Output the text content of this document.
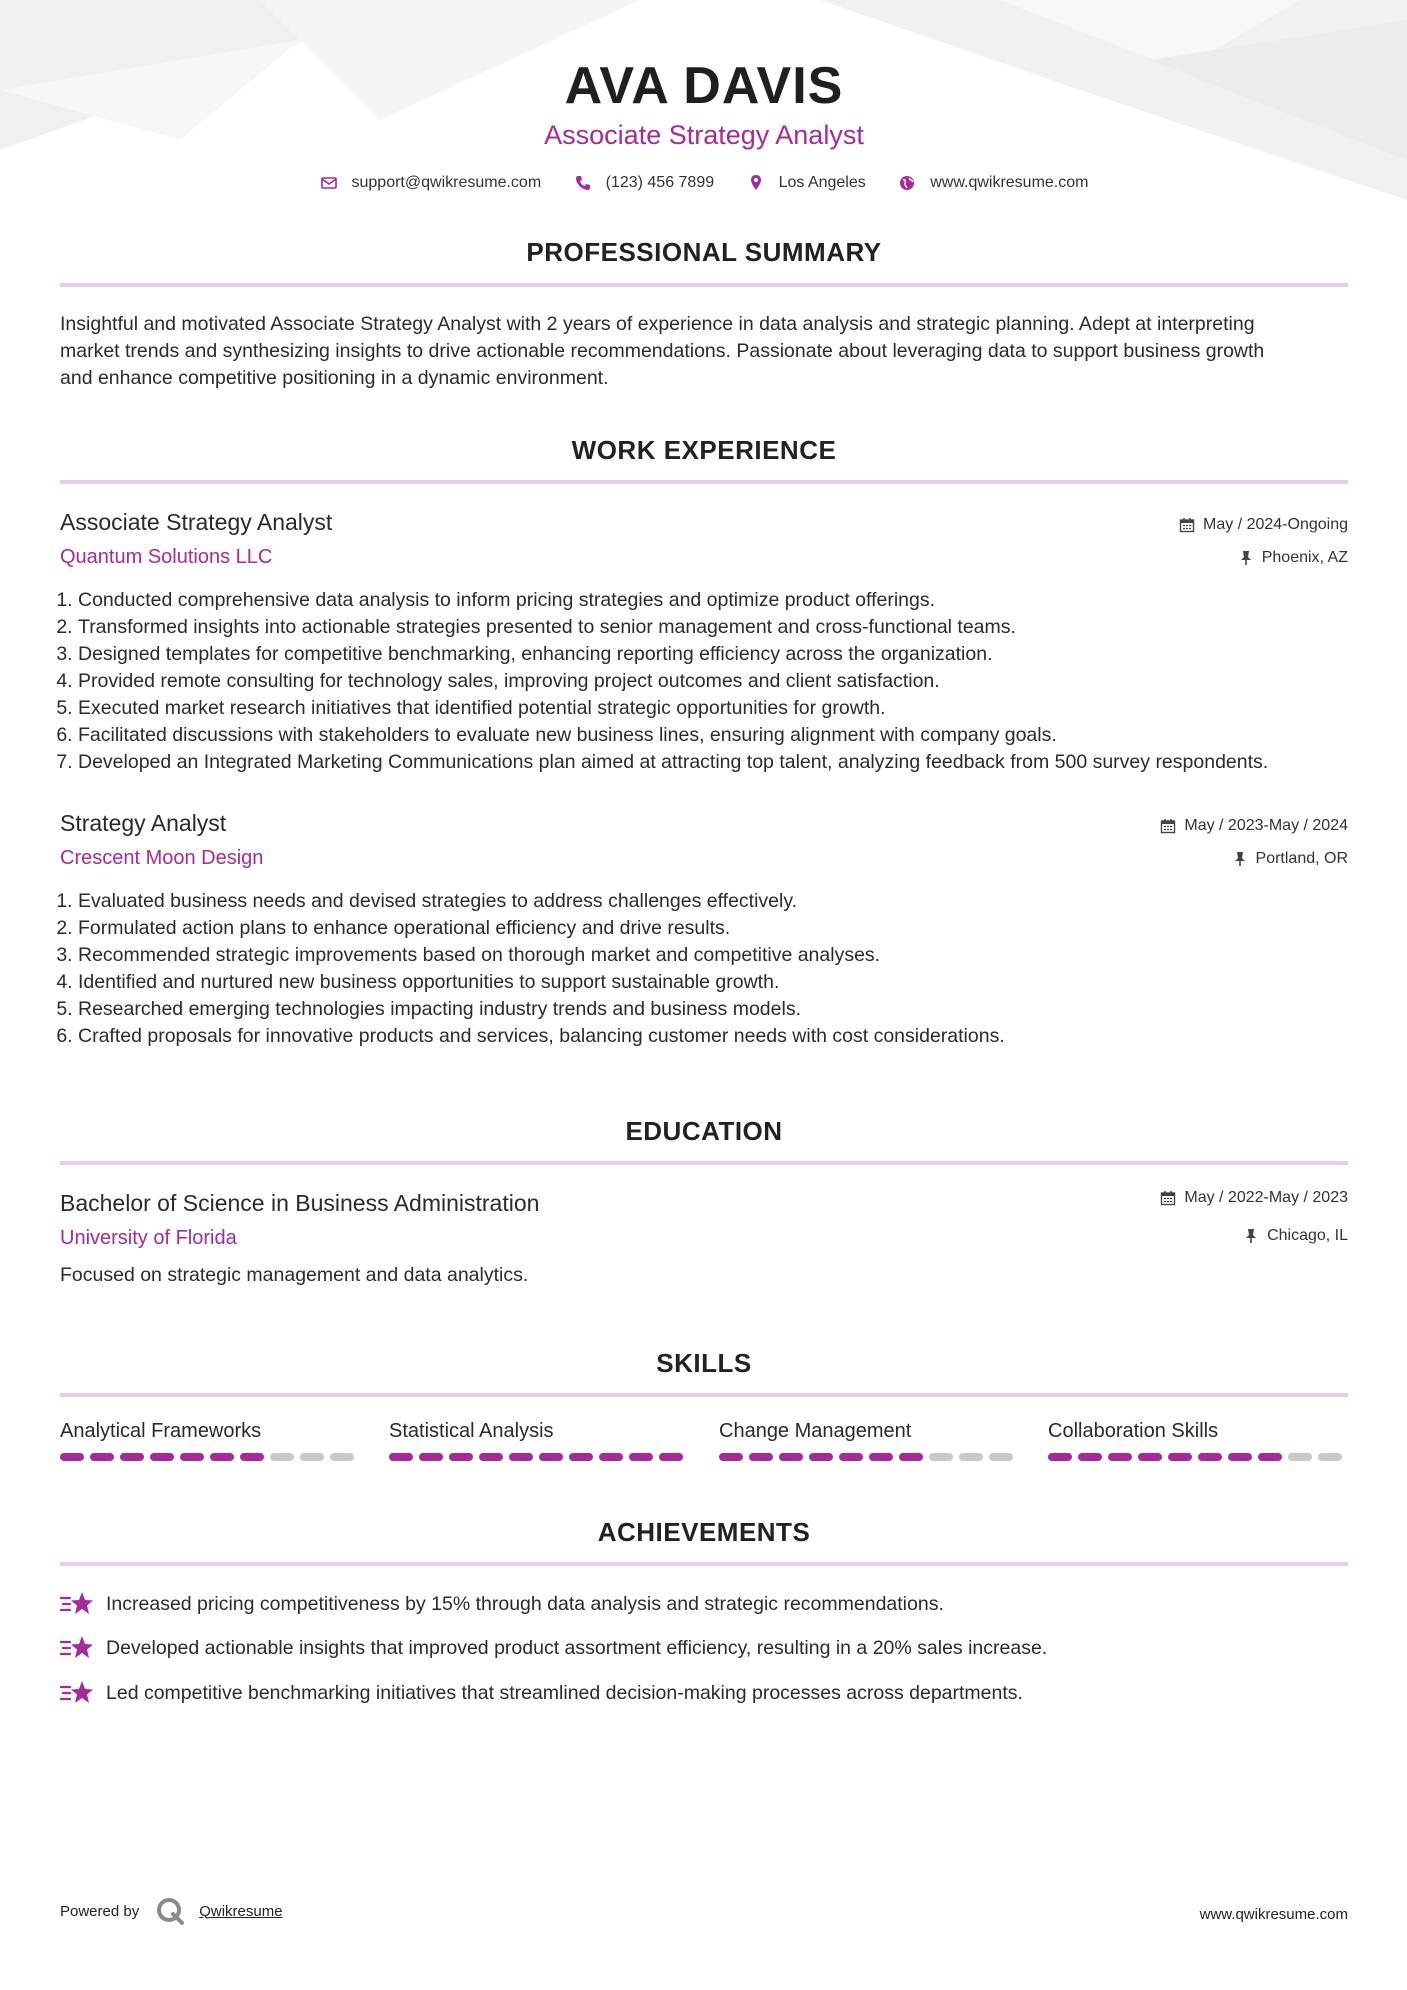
AVA DAVIS
Associate Strategy Analyst
support@qwikresume.com
	(123) 456 7899
	Los Angeles
	www.qwikresume.com
PROFESSIONAL SUMMARY
Insightful and motivated Associate Strategy Analyst with 2 years of experience in data analysis and strategic planning. Adept at interpreting
market trends and synthesizing insights to drive actionable recommendations. Passionate about leveraging data to support business growth
and enhance competitive positioning in a dynamic environment.
WORK EXPERIENCE
Associate Strategy Analyst
Quantum Solutions LLC
May / 2024-Ongoing
Phoenix, AZ
1. Conducted comprehensive data analysis to inform pricing strategies and optimize product offerings.
2. Transformed insights into actionable strategies presented to senior management and cross-functional teams.
3. Designed templates for competitive benchmarking, enhancing reporting efficiency across the organization.
4. Provided remote consulting for technology sales, improving project outcomes and client satisfaction.
5. Executed market research initiatives that identified potential strategic opportunities for growth.
6. Facilitated discussions with stakeholders to evaluate new business lines, ensuring alignment with company goals.
7. Developed an Integrated Marketing Communications plan aimed at attracting top talent, analyzing feedback from 500 survey respondents.
Strategy Analyst
Crescent Moon Design
May / 2023-May / 2024
Portland, OR
1. Evaluated business needs and devised strategies to address challenges effectively.
2. Formulated action plans to enhance operational efficiency and drive results.
3. Recommended strategic improvements based on thorough market and competitive analyses.
4. Identified and nurtured new business opportunities to support sustainable growth.
5. Researched emerging technologies impacting industry trends and business models.
6. Crafted proposals for innovative products and services, balancing customer needs with cost considerations.
EDUCATION
Bachelor of Science in Business Administration
University of Florida
May / 2022-May / 2023
Chicago, IL
Focused on strategic management and data analytics.
SKILLS
Analytical Frameworks	Statistical Analysis	Change Management	Collaboration Skills
ACHIEVEMENTS
Increased pricing competitiveness by 15% through data analysis and strategic recommendations.
Developed actionable insights that improved product assortment efficiency, resulting in a 20% sales increase.
Led competitive benchmarking initiatives that streamlined decision-making processes across departments.
Powered by	Qwikresume	www.qwikresume.com
